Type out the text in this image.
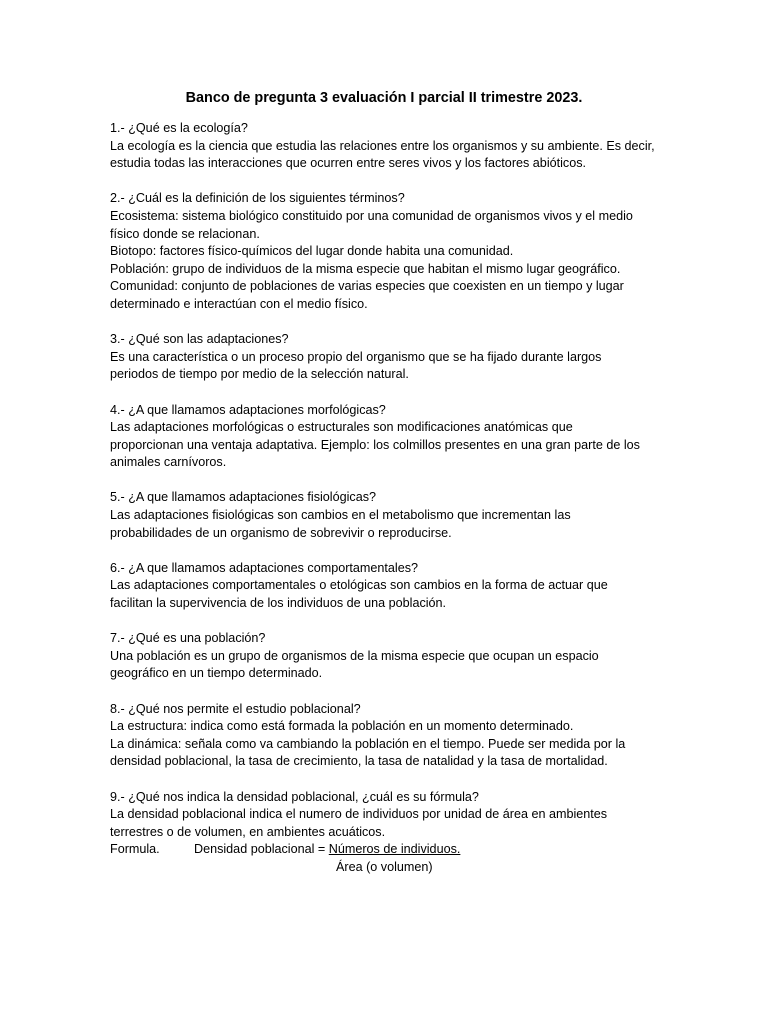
Banco de pregunta 3 evaluación I parcial II trimestre 2023.

1.- ¿Qué es la ecología?

La ecología es la ciencia que estudia las relaciones entre los organismos y su ambiente. Es decir,
estudia todas las interacciones que ocurren entre seres vivos y los factores abióticos.

2.- ¿Cuál es la definición de los siguientes términos?

Ecosistema: sistema biológico constituido por una comunidad de organismos vivos y el medio
físico donde se relacionan.
Biotopo: factores físico-químicos del lugar donde habita una comunidad.
Población: grupo de individuos de la misma especie que habitan el mismo lugar geográfico.
Comunidad: conjunto de poblaciones de varias especies que coexisten en un tiempo y lugar
determinado e interactúan con el medio físico.

3.- ¿Qué son las adaptaciones?

Es una característica o un proceso propio del organismo que se ha fijado durante largos
periodos de tiempo por medio de la selección natural.

4.- ¿A que llamamos adaptaciones morfológicas?

Las adaptaciones morfológicas o estructurales son modificaciones anatómicas que
proporcionan una ventaja adaptativa. Ejemplo: los colmillos presentes en una gran parte de los
animales carnívoros.

5.- ¿A que llamamos adaptaciones fisiológicas?

Las adaptaciones fisiológicas son cambios en el metabolismo que incrementan las
probabilidades de un organismo de sobrevivir o reproducirse.

6.- ¿A que llamamos adaptaciones comportamentales?

Las adaptaciones comportamentales o etológicas son cambios en la forma de actuar que
facilitan la supervivencia de los individuos de una población.

7.- ¿Qué es una población?

Una población es un grupo de organismos de la misma especie que ocupan un espacio
geográfico en un tiempo determinado.

8.- ¿Qué nos permite el estudio poblacional?

La estructura: indica como está formada la población en un momento determinado.
La dinámica: señala como va cambiando la población en el tiempo. Puede ser medida por la
densidad poblacional, la tasa de crecimiento, la tasa de natalidad y la tasa de mortalidad.

9.- ¿Qué nos indica la densidad poblacional, ¿cuál es su fórmula?

La densidad poblacional indica el numero de individuos por unidad de área en ambientes
terrestres o de volumen, en ambientes acuáticos.
Formula.			Densidad poblacional = Números de individuos.
Área (o volumen)
